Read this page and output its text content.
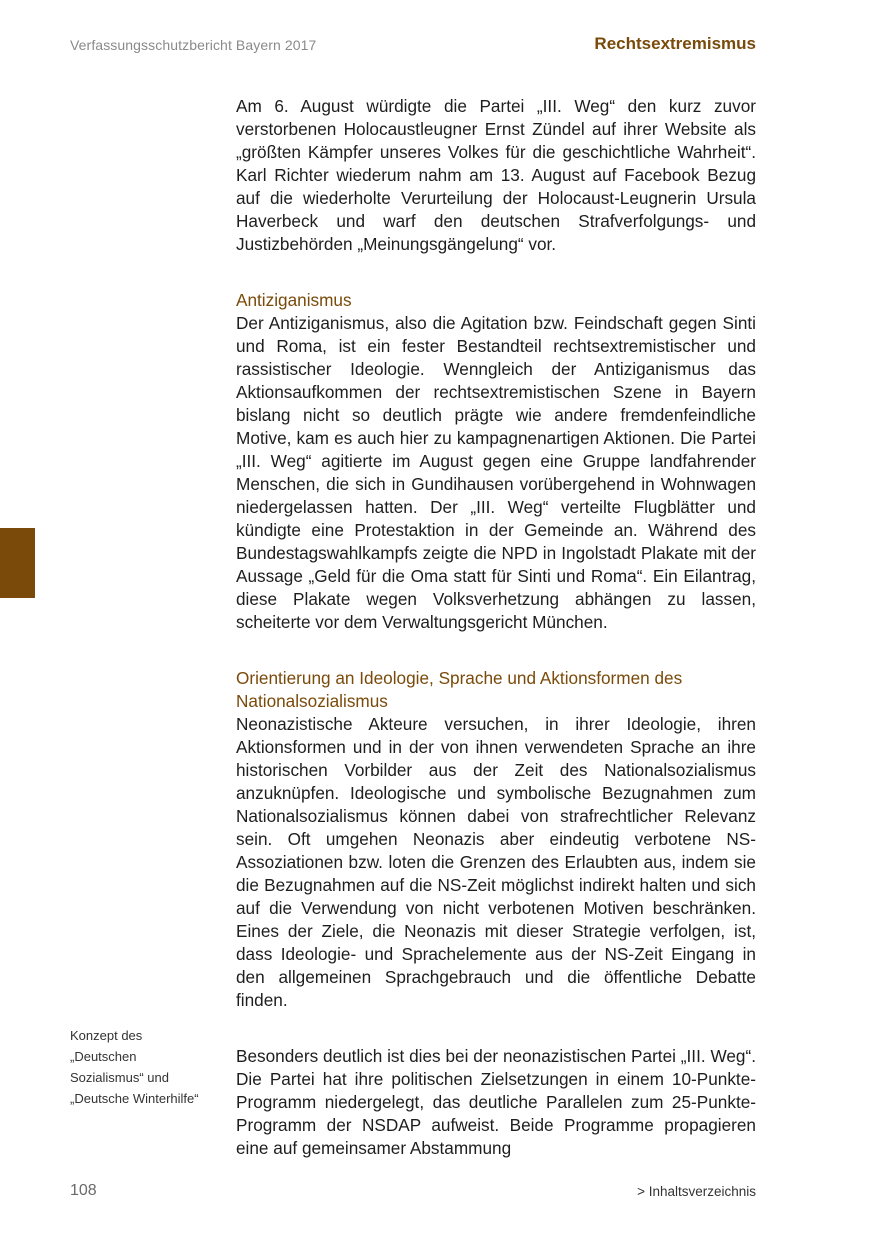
Verfassungsschutzbericht Bayern 2017	Rechtsextremismus

Am 6. August würdigte die Partei „III. Weg“ den kurz zuvor verstorbenen Holocaustleugner Ernst Zündel auf ihrer Website als „größten Kämpfer unseres Volkes für die geschichtliche Wahrheit“. Karl Richter wiederum nahm am 13. August auf Facebook Bezug auf die wiederholte Verurteilung der Holocaust-Leugnerin Ursula Haverbeck und warf den deutschen Strafverfolgungs- und Justizbehörden „Meinungsgängelung“ vor.

Antiziganismus

Der Antiziganismus, also die Agitation bzw. Feindschaft gegen Sinti und Roma, ist ein fester Bestandteil rechtsextremistischer und rassistischer Ideologie. Wenngleich der Antiziganismus das Aktionsaufkommen der rechtsextremistischen Szene in Bayern bislang nicht so deutlich prägte wie andere fremdenfeindliche Motive, kam es auch hier zu kampagnenartigen Aktionen. Die Partei „III. Weg“ agitierte im August gegen eine Gruppe landfahrender Menschen, die sich in Gundihausen vorübergehend in Wohnwagen niedergelassen hatten. Der „III. Weg“ verteilte Flugblätter und kündigte eine Protestaktion in der Gemeinde an. Während des Bundestagswahlkampfs zeigte die NPD in Ingolstadt Plakate mit der Aussage „Geld für die Oma statt für Sinti und Roma“. Ein Eilantrag, diese Plakate wegen Volksverhetzung abhängen zu lassen, scheiterte vor dem Verwaltungsgericht München.

Orientierung an Ideologie, Sprache und Aktionsformen des Nationalsozialismus

Neonazistische Akteure versuchen, in ihrer Ideologie, ihren Aktionsformen und in der von ihnen verwendeten Sprache an ihre historischen Vorbilder aus der Zeit des Nationalsozialismus anzuknüpfen. Ideologische und symbolische Bezugnahmen zum Nationalsozialismus können dabei von strafrechtlicher Relevanz sein. Oft umgehen Neonazis aber eindeutig verbotene NS-Assoziationen bzw. loten die Grenzen des Erlaubten aus, indem sie die Bezugnahmen auf die NS-Zeit möglichst indirekt halten und sich auf die Verwendung von nicht verbotenen Motiven beschränken. Eines der Ziele, die Neonazis mit dieser Strategie verfolgen, ist, dass Ideologie- und Sprachelemente aus der NS-Zeit Eingang in den allgemeinen Sprachgebrauch und die öffentliche Debatte finden.

Besonders deutlich ist dies bei der neonazistischen Partei „III. Weg“. Die Partei hat ihre politischen Zielsetzungen in einem 10-Punkte-Programm niedergelegt, das deutliche Parallelen zum 25-Punkte-Programm der NSDAP aufweist. Beide Programme propagieren eine auf gemeinsamer Abstammung

Konzept des „Deutschen Sozialismus“ und „Deutsche Winterhilfe“
108	> Inhaltsverzeichnis
